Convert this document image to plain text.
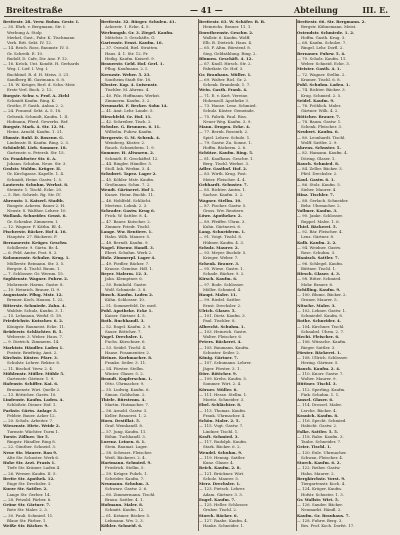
Breitestraße	— 41 —	Abteilung	III. E.
Breitestr. 28. Verw. Ruhm. Gestr. I.
— 30. Ehrh. v. Bergmann, Str. I.
Werbung A. Stolp
Merkel, Gust., Fabr. K. Tischmann
Verh. Ritt. Sekt. IV. 12.
— 14. Reich. Ross, Baumstr. IV. 5.
Gr. Schreib. E. 10.
Rudolf, D. Cafe, Dir. Anz. F. 12.
— 16. Kröck, Unt. Kondit. H. Gerhards
Weg. I. Lief. I. Veg. I.
Buchbind. R. d. H. Meiss. 3. 21.
Sandberg Bl. Gastmann. 6. 8.
— 18. W. Krüger, Berl. d. Schn.-Mstr.
Erste Verl. Buch. 2. 12.
Burgstr. Schw. v. Prof. A. Ziehl
Schmidt Kaufm. Ring. K.
Grothe, F. Gasth. Anbau 2. 2.
— 24. Frauenf. Sekt. A. 5. 18.
Gelsenk. Schmidt, Kaufm. 1. II.
Hofmann, Pferd. Gewerbs. Ref.
Burgstr. Mark. 4. Str. 12. M.
Heinz. Arnold. Kaufm. 1. 21.
Ehmstr. Ruhl. D. Rosenw. G.
Lindenstr. B. Kaufm. Ring. 2. 3.
Schönfeld. Lieb. Sommer. 18.
Gartenstr. u. Petersb. Str. 15.
Gr. Frankfurter Str. 6. A.
Johann. Schuhm. Neue. Str. 3.
Gralstr. Waldm. Krüger. II.
Gr. Kirchgasse. Kapelle. 1. 4.
Schmidt, Heinr. Gastw. 1. 5.
Lauterstr. Schuhm. Werkst. 8.
Steinstr. 1. Tischl. Ecke. 20.
— 5. Ret. Schrieb. Rg. Str. IV.
Ahrenstr. 1. Kaiserl. Stadtb.
Rungstr. Ackerm. Bauer 2. H.
Neustr. 8. Walther. Lehrer. 10.
Wollank. Schneider. Grnst. 6.
Gr. Schenkw. Zimmerm. I.
— 12. Wagner. F. Käthn. Bl. 4.
Fischerstr. Bäcker. Hof 4. 16.
Hauptstr. 27. Bäckerei. F.
Bernauerstr. Krüger. Geschw.
Schillerstr. 9. Gärtn. Br. 4.
— 6. Feld. Amtsr. Post. 8. 2.
Kolonnenstr. Schulze. Krug. 1.
Müllerstr. Reimann. Str. 3. 5.
Bergstr. 4. Tischl. Baum. 1.
— 7. Schlosser. Gr. Wernm. 15.
Sophienstr. Wagner. Fuhrw. 2.
Mohrenstr. Harms. Gastw. 8.
— 10. Heinrich. Brauer. II. 9.
Augustastr. Pflug. Mstr. 12.
Bremer. Koch. Hausm. 1. 22.
Ritterstr. Schmiede. Zahn. 4.
Waldstr. Schulz, Kaufm. 3. 1.
— 15. Lehmann, Werkf. G. 18.
Friedrichstr. Kutscher. 6. 2.
Königstr. Baumeist. Ecke. 11.
Brüderstr. Schlächter. B. 5.
Weberstr. 3. Weber. Haus. 7.
— 9. Dietrich. Zimmerm. 14.
Marktstr. Händler. Laden 1.
Poststr. Briefträg. Amt. 2.
Kirchstr. Küster. Pfarr. 3.
Schulstr. Lehrer. Rektor. 8.
— 11. Bischof. Verw. 2. 4.
Mühlenstr. Müller. Mühle 5.
Gartenstr. Gärtner. 1. 9.
Hafenstr. Schiffer. Kai. 6.
Brunnenstr. Wirt. Quelle 2.
— 13. Bötticher. Gastw. 10.
Lindenstr. Kaufm. Laden. 4.
Schloßstr. Diener. Hof. 1.
Parkstr. Gärtn. Anlage 3.
Feldstr. Bauer. Acker 12.
— 20. Scholz. Arbeiter. 7.
Wiesenstr. Hirte. Weide 2.
Turmstr. Wächter. Turm 1.
Torstr. Zöllner. Tor 5.
Ringstr. Händler. Ring 8.
— 22. Günther. Schneid. 3.
Neue Str. Maurer. Bau 9.
Alte Str. Schuster. Werk 6.
Hohe Str. Arzt. Praxis 1.
Tiefe Str. Krämer. Laden 4.
— 26. Werner. Kaufm. II. 5.
Breite Str. Apothek. 12.
Enge Str. Drechsler. 3.
Kurze Str. Sattler. 2.
Lange Str. Gerber. 14.
— 28. Petzold. Färber. 6.
Grüne Str. Gärtner. 7.
Rote Str. Maler. 2. 3.
— 30. Pauli. Schmied. 11.
Blaue Str. Färber. 1.
Weiße Str. Bäcker. 9.
Breitestr. 32. Bürger. Schulen. 41.
Ackerstr. 1. Ecke. 4. 5.
Werbungsb. Gr. 3. Ziegel. Kaufm.
Mittelstr. 3. Geschäfts. G.
Gartenstr. Ernst. Kaufm. 16.
— 37. Oswald, Biel. Stratten.
Haus. 4. 1. Str. 12. Pr.
Heilig. Kaufm. Kaiserl. 9.
Brauerstr. Geld. Hof. Gerl. 1.
Pflug. Kaufmann. 2. I.
Kreuzstr. Weber. 5. 23.
Sontheim Stadt Str. 18.
Kloster. Kap. 4. Luisenstr.
Tischler. M. Ahrens. 4.
— 40. Pilz. Hoffmann. Werkst.
Zimmerm. Kaufm. 3. 2.
Neumarkt. F. Becker. Sohn 14.
— 41. Amt. Lehr. Lande. 5.
Hirschfeld. Gr. Hof. 11.
— 42. Schreiber. Tisch. 2.
Schulze. G. Brunnen. 6. 11.
Wilhelm. Fuhrw. Kaufm.
Bergerstr. G. M. Schenk. 4.
Weinberg. Küster. 2.
Rauch. Schneiderm. 1. 9.
Sommer. H. Altwaren. 2.
Schmidt. E. Geschäftsf. 12.
— 44. Ringler. Händler. 5.
Stoll. Inh. Werkm. 3. 4.
Schubert. Tapez. Lager 2.
— 45. Köhler. Mstr. Kaufm.
Großmann. Schm. 7. 2.
Wendt. Gärtnerei. Hof 1.
Kunze. Heinr. Buchb. 11.
— 46. Hohlfeld. Schlächt.
Mertens. Lohnk. 2. 3.
Schrader. Gastw. Krug 6.
Frick. W. Sattler. 8. 4.
— 47. Bauer. Kutscher. 2.
Zimmer. Friedr. Tischl.
Lange. Ww. Rentiere. 1.
Hahn. Wilh. Maurer. 5.
— 48. Berndt. Kaufm. 9.
Nagel. Eisenw. Handl. 3.
Ebert. Schuhm. Werk 2.
Holz. Zimmerpl. Lager 4.
— 49. Fiedler. Bäcker. 7.
Krause. Gemüse. Hdl. 1.
Beyer. Malerm. 12. 3.
Jahn. Klemptner. 6.
— 50. Reinhold. Gastw.
Wolf. Schmiede. 3. 8.
Busch. Kaufm. Laden 2.
Kühn. Schlosser. 10.
— 51. Sommerfeld. Dr. med.
Pohl. Apotheke. Ecke 1.
Kaiser. Gärtner. 4. 5.
Roth. Buchhandl. 3.
— 52. Engel. Kaufm. 2. 9.
Sauer. Böttcher. 7.
Vogel. Drechsler. 1.
Fuchs. Kürschner. 6.
— 53. Seidel. Tischl. 4.
Haase. Posamentier. 2.
Heinze. Korbmacher. 8.
Franke. Seiler. 3. 11.
— 54. Förster. Stellm.
Winter. Glaser. 5. 2.
Brandt. Kupferschm. 1.
Otto. Uhrmacher. 9.
— 55. Ludwig. Kaufm. 6.
Simon. Goldschm. 2.
Thiele. Bürstenm. 4.
Martin. Hutmacher. 7.
— 56. Arnold. Gastw. 3.
Keller. Brauerei. 1. 2.
Horn. Destillat. 5.
Graf. Weinhandl. 8.
— 57. Jung. Kaufm. 11.
Böhm. Tuchhandl. 3.
Lorenz. Leinen. 6. 1.
Stein. Baumat. Lager.
— 58. Schwarz. Fleischer.
Weiß. Bäckerei. 2. 4.
Hartmann. Schmied. 9.
Friedrich. Stellm. 5.
— 59. Krüger. Fuhrh. 1.
Schröder. Kaufm. 7.
Neumann. Schuhm. 3.
Schwarz. Gastw. 2. 6.
— 60. Zimmermann. Tischl.
Braun. Sattler. 4. 1.
Hofmann. Maler. 8.
Schmitt. Kaufm. 12.
— 61. Krämer. Bäcker. 5.
Lehmann. Ww. 2. 3.
Köhler. Schneid. 6.
Breitestr. 63. W. Schäfer. B. B.
Heinrichs. Brauer. 11. 1.
Dorotheenstr. Geschw. 2.
Wallstr. 6. Kaufm. Wolff.
Elb. B. Dietrich. Haus. 4.
— 65. F. Altm. Bürstenf. 8.
Sieg. Geldzählung. Ring. 2.
Blumen. Geschäft. 4. 12.
— 67. Knoll. Hirsch. Str. 2.
Fabrikstr. Gr. Hof. 3.
Gr. Brauhaus. Müller. 1.
— 69. Walter. Ricl. Gr. 2.
Schenk. Brandenb. 1. 7.
Wein. Gasth. Frank. 4.
— 71. E. v. Kurt. Vereine.
Hohenzoll. Apotheke 3.
— 73. Hanse. Lenz. Schmied.
Schulz. Küster. Gemeinde.
— 75. Fabrik. Paul. Riss.
Neuer Weg. Kaufm. 3. 9.
Mann. Drogen. Ecke. 4.
— 77. Bernh. Rosenth. 2.
Spiel. Lehrer. Schule. 1.
— 79. Gastw. Zu. Sonne. 1.
Hoffm. Bäckerm. 2. 6.
Schütze. Kaufm. Ring. 5.
— 81. Kaufhaus. Geschw. 1.
Berg. Tischl. Werkst. 3.
Adler. Gasthof. Hof. 2.
— 83. Wirth. Krug. Post.
Meier. Fleischer. 4. 4.
Gebhardt. Schuster. 7.
— 85. Richter. Amtm. 1.
Sachse. Kaufm. 3. 2.
Wagner. Stellm. 10.
— 87. Fischer. Gastw. 5.
Gross. Ww. Rentiere.
Löwe. Apotheker. 2.
— 89. Pfeiffer. Uhrm. 3.
Kuhn. Gärtnerei. 6.
Lang. Schneiderm. 1.
— 91. Voigt. Tischl. 8.
Hübner. Kaufm. 4. 3.
Schulz. Maurer. 2.
— 93. Meyer. Buchdr. 5.
Krieger. Weber. 7.
Schenk. Brauer. 3.
— 95. Wiese. Gastw. 1.
Schade. Bäcker. 9. 2.
Kirsch. Kaufm. 6.
— 97. Bode. Schlosser.
Möller. Schmied. 4.
Haupt. Maler. 11.
— 99. Riedel. Sattler.
Ernst. Drechsler. 2.
Ulrich. Glaser. 5.
— 101. Dietz. Kaufm. 3.
Paul. Tischler. 8.
Albrecht. Schuhm. 1.
— 103. Heinrich. Gastw.
Walter. Fleischer. 6.
Peters. Bäckerei. 4.
— 105. Baumann. Kaufm.
Schuster. Seiler. 2.
König. Gärtner. 7.
— 107. Schumann. Lehrer.
Jäger. Förster. 3. 1.
Dörr. Böttcher. 9.
— 109. Krebs. Kaufm. 5.
Sommer. Wirt. 2. 4.
Körner. Müller. 6.
— 111. Hesse. Stellm. 1.
Moritz. Schneider. 3.
Ebel. Schlächter. 8.
— 113. Thomas. Kaufm.
Frank. Uhrmacher. 4.
Schön. Maler. 2. 5.
— 115. Vogt. Gastw. 7.
Lindner. Tischl. 1.
Kraft. Schmied. 3.
— 117. Rudolph. Kaufm.
Stark. Bäcker. 6. 2.
Wendel. Schuhm. 9.
— 119. Hennig. Sattler.
Kunz. Glaser. 4.
Reich. Kaufm. 2. 8.
— 121. Brückner. Wirt.
Scholz. Maurer. 5.
Merz. Drechsler. 1.
— 123. Pietsch. Lehrer.
Adam. Gärtner. 3. 3.
Engel. Kaufm. 7.
— 125. Heller. Schlosser.
Gruber. Tischl. 2.
Storch. Bäcker. 6.
— 127. Raabe. Kaufm. 4.
Hanke. Schneider. 1.
Breitestr. 66. Str. Bergmann. 2.
Bergstr. Kühnemann. Meist.
Ostendstr. Schmiede. 1. 2.
Hoffm. Gasth. Krug. 3.
— 68. Kaufm. Schulze. 7.
Ringel. Lehr. Dorfl. 2.
Bernauer. Fuhrw. 5. 4.
— 70. Scholz. Kaufm. 11.
Weber. Schneid. Ecke. 3.
Meister. Gasth. 4. 1.
— 72. Wagner. Stellm. 2.
Kramer. Tischl. 6. 8.
Pohl. Schuhm. Laden. 1.
— 74. Richter. Bäcker. 3.
Krug. Schmied. 2. 5.
Seidel. Kaufm. 9.
— 76. Fröhlich. Maler.
Gärtner. Wilh. 4. 2.
Böttcher. Brauer. 7.
— 78. Baum. Gastw. 1.
Schenk. Fleischer. 3.
Neubert. Kaufm. 6.
— 80. Leonhardt. Tischl.
Wolff. Sattler. 2. 9.
Ahrens. Schuster. 5.
— 82. Hamann. Kaufm. 4.
Döring. Glaser. 1.
Rauch. Schmied. 8.
— 84. Zeller. Bäcker. 3.
Pfeil. Drechsler. 2.
Kaul. Gastw. 6. 1.
— 86. Stolz. Kaufm. 5.
Sieber. Maurer. 4.
Hinz. Tischler. 7.
— 88. Gerlach. Schneider.
Behr. Uhrmacher. 2.
Vollmer. Kaufm. 3.
— 90. Janke. Schlosser.
Ruppel. Maler. 1. 6.
Thiel. Bäckerei. 5.
— 92. Bär. Fleischer. 4.
Lenz. Gärtner. 8.
Kolb. Kaufm. 2. 2.
— 94. Weidner. Gastw.
Rose. Schuhm. 3.
Hanisch. Sattler. 7.
— 96. Schlegel. Kaufm.
Büttner. Tischl. 1.
Hirsch. Glaser. 4. 3.
— 98. Ritter. Schmied.
Mohr. Brauer. 6.
Schilling. Kaufm. 9.
— 100. Blume. Bäcker. 2.
Gruner. Maurer. 5.
Nitsche. Maler. 3.
— 102. Lehner. Gastw. 1.
Schmiedel. Kaufm. 8.
Rothe. Schneider. 4.
— 104. Kirchner. Tischl.
Schnabel. Uhrm. 2. 7.
Hecht. Fleischer. 6.
— 106. Wünsche. Kaufm.
Rieger. Sattler. 3.
Förster. Bäckerei. 1.
— 108. Ullrich. Schlosser.
Hering. Gärtner. 5.
Bauch. Kaufm. 2. 4.
— 110. Knorr. Gastw. 7.
Wolter. Maurer. 9.
Hüttner. Tischl. 3.
— 112. Sperling. Kaufm.
Fink. Schuhm. 1. 1.
Amsel. Glaser. 6.
— 114. Drossel. Maler.
Lerche. Bäcker. 4.
Kranich. Kaufm. 8.
— 116. Specht. Schmied.
Habicht. Gastw. 2.
Falke. Sattler. 5. 5.
— 118. Rabe. Kaufm. 3.
Taube. Schneider. 7.
Geier. Tischl. 1.
— 120. Eule. Uhrmacher.
Schwan. Fleischer. 4.
Storch. Kaufm. 6. 2.
— 122. Reiher. Gastw.
Hahn. Maurer. 2.
Bergkirchstr. Vorst. 9.
Tiergartenstr. Koch. 4.
— 124. Krüger. Kaufm.
Hofstr. Schuster. 1. 3.
Gr. Wallstr. Wirt. 5.
— 126. Sander. Bäcker.
Neumarkt. Händl. 2.
Kaufm. Gr. Brauhaus. 7.
— 128. Fuhrw. Berg. 3.
Bes. Prof. Koch. Dorfst. 17.
